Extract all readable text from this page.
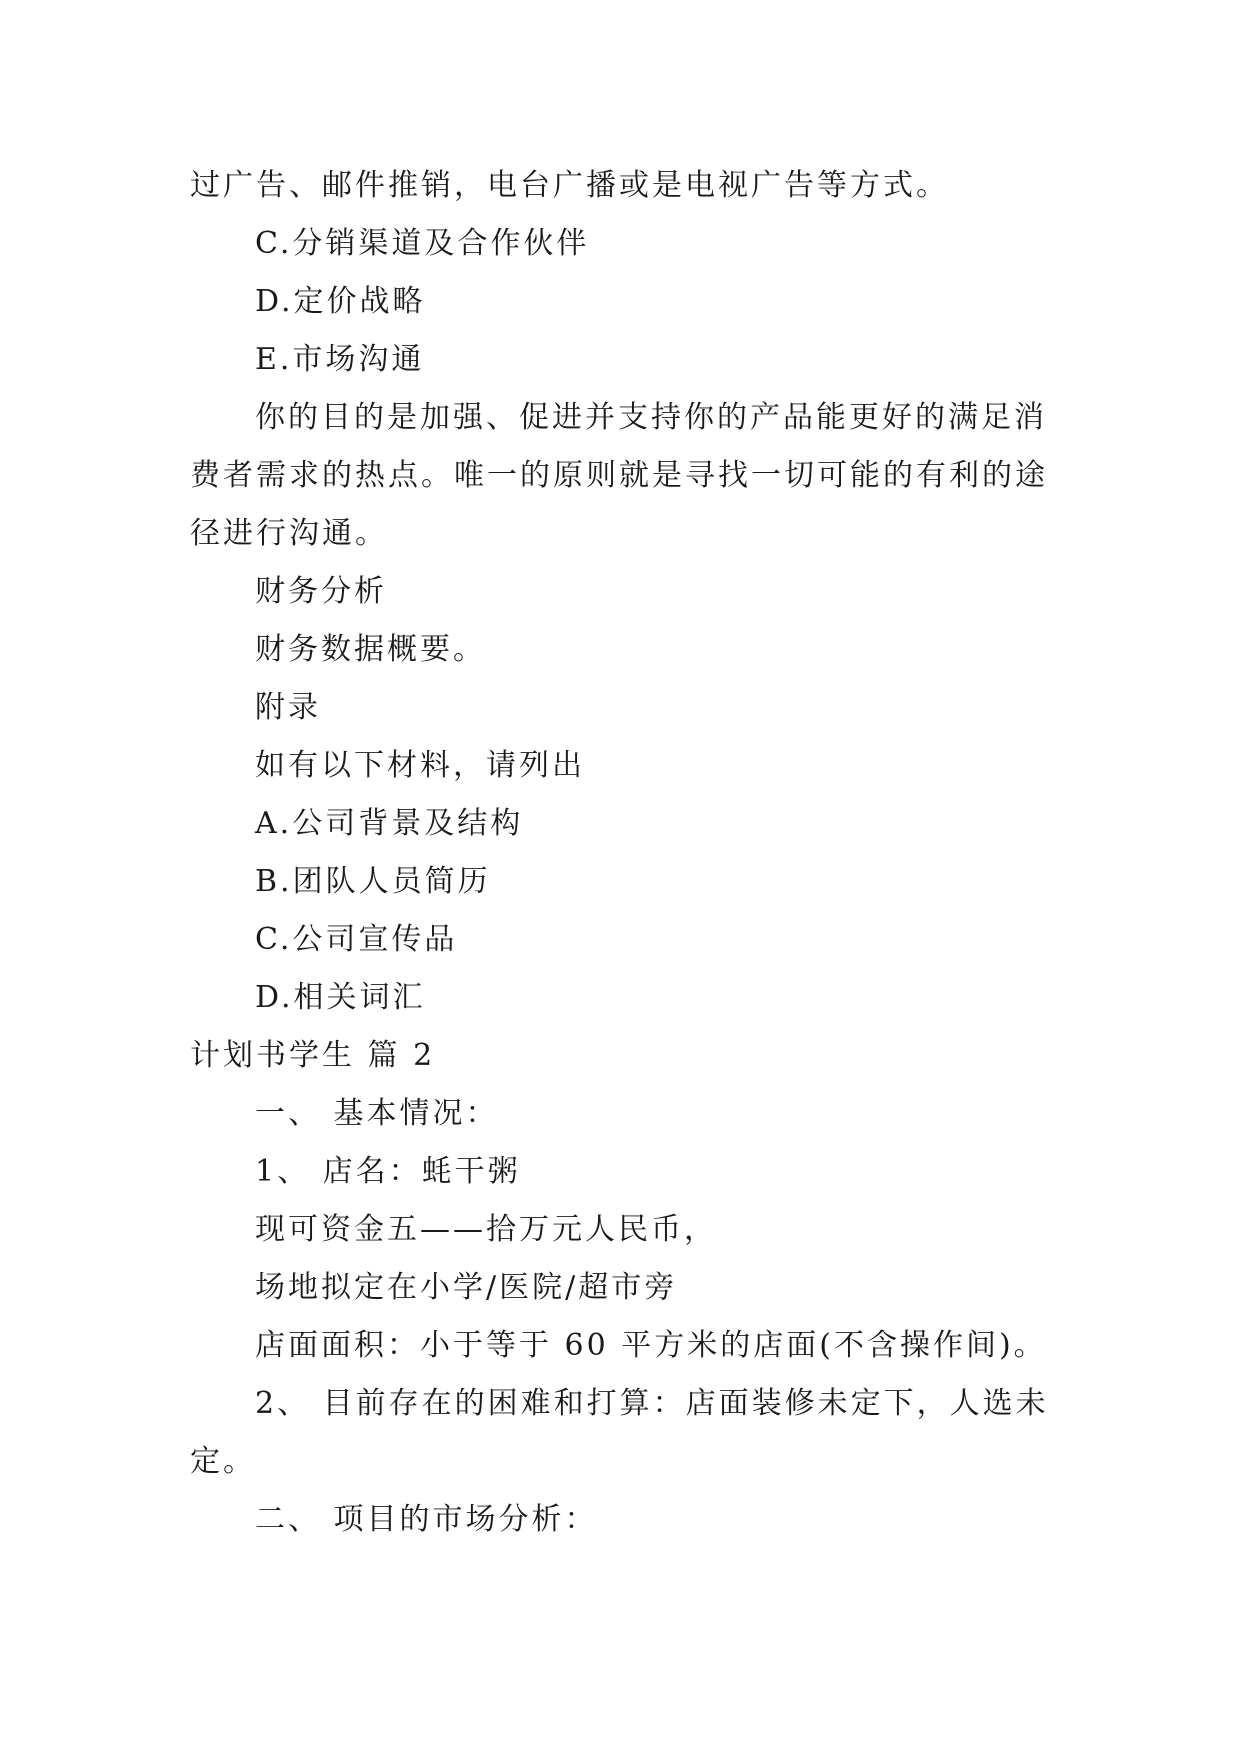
过广告、邮件推销，电台广播或是电视广告等方式。
C.分销渠道及合作伙伴
D.定价战略
E.市场沟通
你的目的是加强、促进并支持你的产品能更好的满足消
费者需求的热点。唯一的原则就是寻找一切可能的有利的途
径进行沟通。
财务分析
财务数据概要。
附录
如有以下材料，请列出
A.公司背景及结构
B.团队人员简历
C.公司宣传品
D.相关词汇
计划书学生 篇 2
一、 基本情况：
1、 店名：蚝干粥
现可资金五——拾万元人民币，
场地拟定在小学/医院/超市旁
店面面积：小于等于 60 平方米的店面(不含操作间)。
2、 目前存在的困难和打算：店面装修未定下，人选未
定。
二、 项目的市场分析：
